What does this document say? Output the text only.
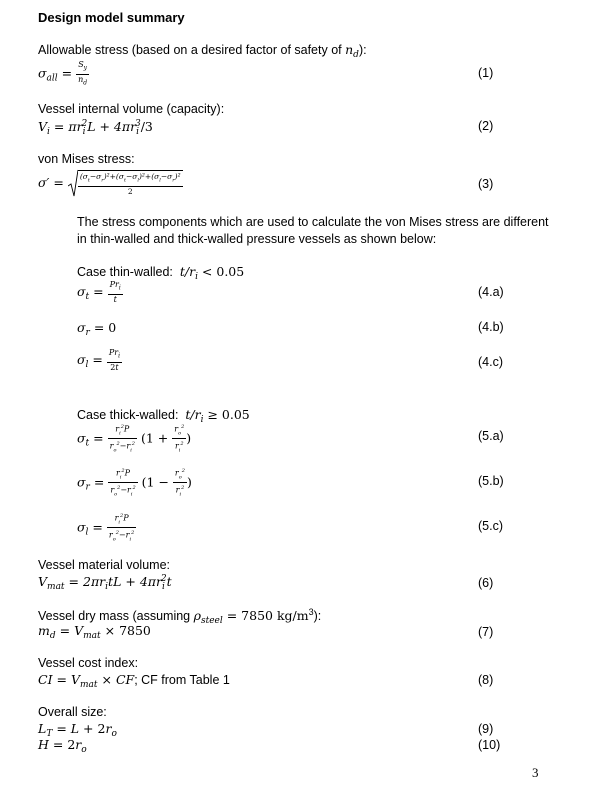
Design model summary
Allowable stress (based on a desired factor of safety of $n_d$):
$\sigma_{all} = \frac{S_y}{n_d}$	(1)
Vessel internal volume (capacity):
$V_i = \pi r_i^2L + 4\pi r_i^3/3$	(2)
von Mises stress:
$\sigma' = \frac{(\sigma_t-\sigma_r)^2+(\sigma_t-\sigma_l)^2+(\sigma_l-\sigma_r)^2}{2}$	(3)
The stress components which are used to calculate the von Mises stress are different in thin-walled and thick-walled pressure vessels as shown below:
Case thin-walled: $t/r_i < 0.05$
$\sigma_t = \frac{Pr_i}{t}$	(4.a)
$\sigma_r = 0$	(4.b)
$\sigma_l = \frac{Pr_i}{2t}$	(4.c)
Case thick-walled: $t/r_i \ge 0.05$
$\sigma_t = \frac{r_i^2P}{r_o^2-r_i^2} (1 + \frac{r_o^2}{r_i^2}$ )	(5.a)
$\sigma_r = \frac{r_i^2P}{r_o^2-r_i^2} (1 - \frac{r_o^2}{r_i^2}$ )	(5.b)
$\sigma_l = \frac{r_i^2P}{r_o^2-r_i^2}$	(5.c)
Vessel material volume:
$V_{mat} = 2\pi r_itL + 4\pi r_i^2t$	(6)
Vessel dry mass (assuming $\rho_{steel} = 7850$ $kg/m^3$):
$m_d = V_{mat} \times 7850$	(7)
Vessel cost index:
CI = $V_{mat}$ × CF; CF from Table 1	(8)
Overall size:
$L_T = L + 2r_o$	(9)
$H = 2r_o$	(10)
3
